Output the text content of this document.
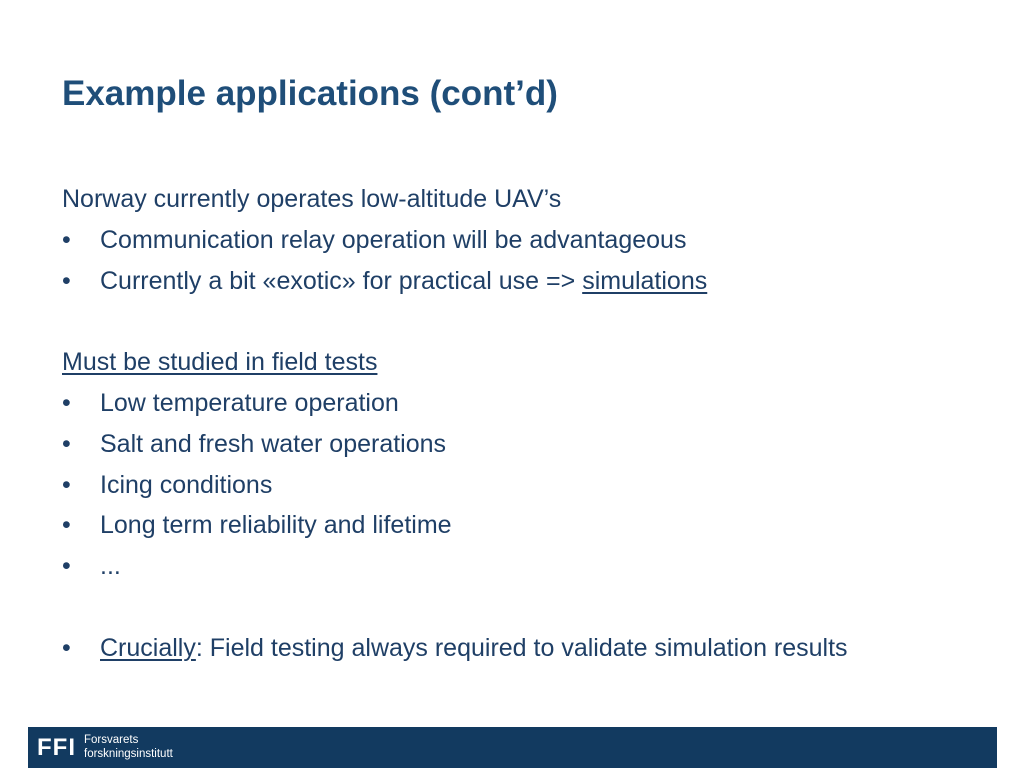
Example applications (cont’d)
Norway currently operates low-altitude UAV’s
•	Communication relay operation will be advantageous
•	Currently a bit «exotic» for practical use => simulations
Must be studied in field tests
•	Low temperature operation
•	Salt and fresh water operations
•	Icing conditions
•	Long term reliability and lifetime
•	...
•	Crucially: Field testing always required to validate simulation results
FFI Forsvarets
forskningsinstitutt
